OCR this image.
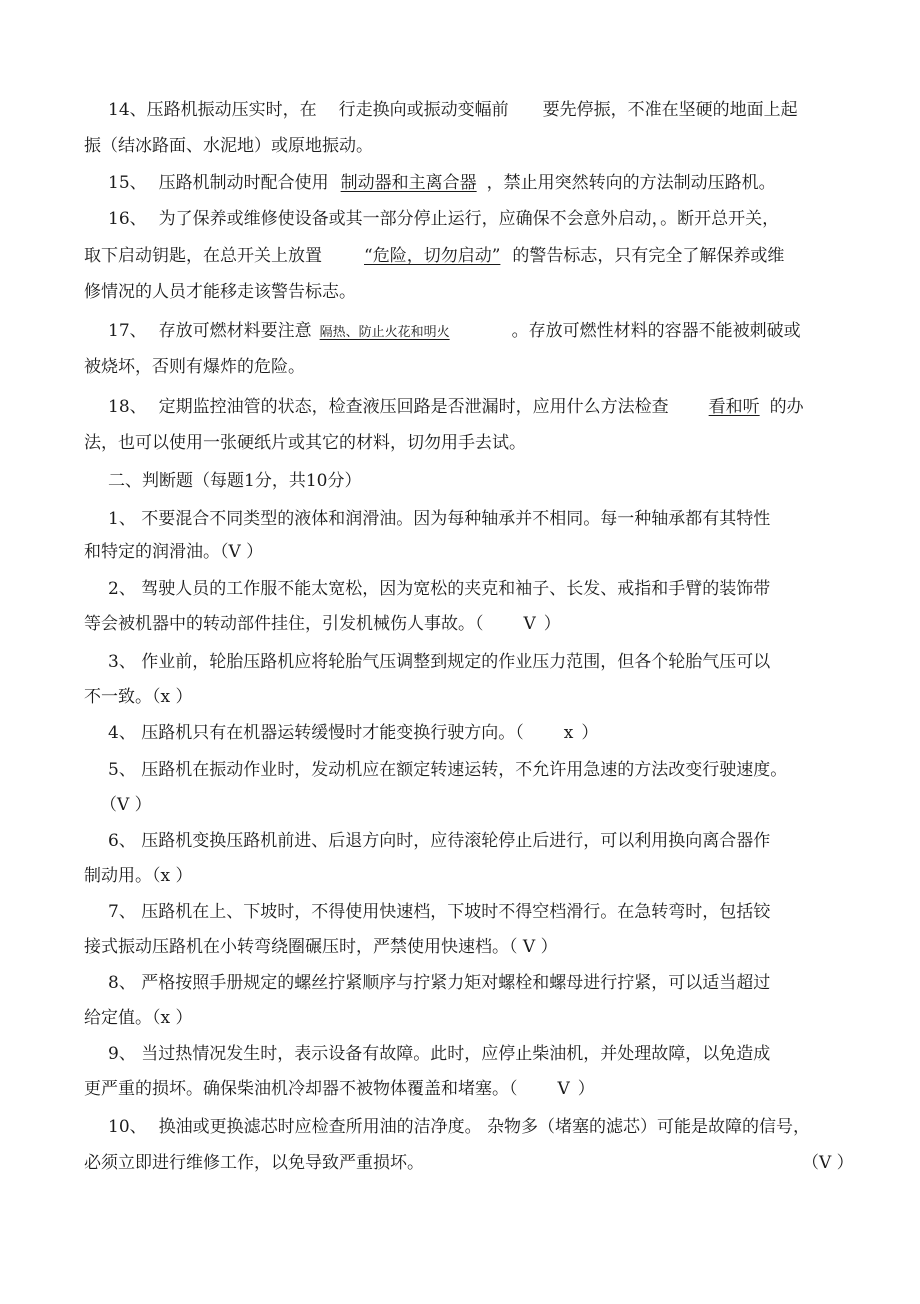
14、压路机振动压实时，在 行走换向或振动变幅前 要先停振，不准在坚硬的地面上起
振（结冰路面、水泥地）或原地振动。
15、 压路机制动时配合使用 制动器和主离合器 ，禁止用突然转向的方法制动压路机。
16、 为了保养或维修使设备或其一部分停止运行，应确保不会意外启动，。断开总开关，
取下启动钥匙，在总开关上放置 “危险，切勿启动” 的警告标志，只有完全了解保养或维
修情况的人员才能移走该警告标志。
17、 存放可燃材料要注意 隔热、防止火花和明火	。存放可燃性材料的容器不能被刺破或
被烧坏，否则有爆炸的危险。
18、 定期监控油管的状态，检查液压回路是否泄漏时，应用什么方法检查 看和听 的办
法，也可以使用一张硬纸片或其它的材料，切勿用手去试。
二、判断题（每题1分，共10分）
1、 不要混合不同类型的液体和润滑油。因为每种轴承并不相同。每一种轴承都有其特性
和特定的润滑油。（V ）
2、 驾驶人员的工作服不能太宽松，因为宽松的夹克和袖子、长发、戒指和手臂的装饰带
等会被机器中的转动部件挂住，引发机械伤人事故。（ V ）
3、 作业前，轮胎压路机应将轮胎气压调整到规定的作业压力范围，但各个轮胎气压可以
不一致。（x ）
4、 压路机只有在机器运转缓慢时才能变换行驶方向。（ x ）
5、 压路机在振动作业时，发动机应在额定转速运转，不允许用急速的方法改变行驶速度。
（V ）
6、 压路机变换压路机前进、后退方向时，应待滚轮停止后进行，可以利用换向离合器作
制动用。（x ）
7、 压路机在上、下坡时，不得使用快速档，下坡时不得空档滑行。在急转弯时，包括铰
接式振动压路机在小转弯绕圈碾压时，严禁使用快速档。（ V ）
8、 严格按照手册规定的螺丝拧紧顺序与拧紧力矩对螺栓和螺母进行拧紧，可以适当超过
给定值。（x ）
9、 当过热情况发生时，表示设备有故障。此时，应停止柴油机，并处理故障，以免造成
更严重的损坏。确保柴油机冷却器不被物体覆盖和堵塞。（ V ）
10、 换油或更换滤芯时应检查所用油的洁净度。 杂物多（堵塞的滤芯）可能是故障的信号，
必须立即进行维修工作，以免导致严重损坏。	（V ）
